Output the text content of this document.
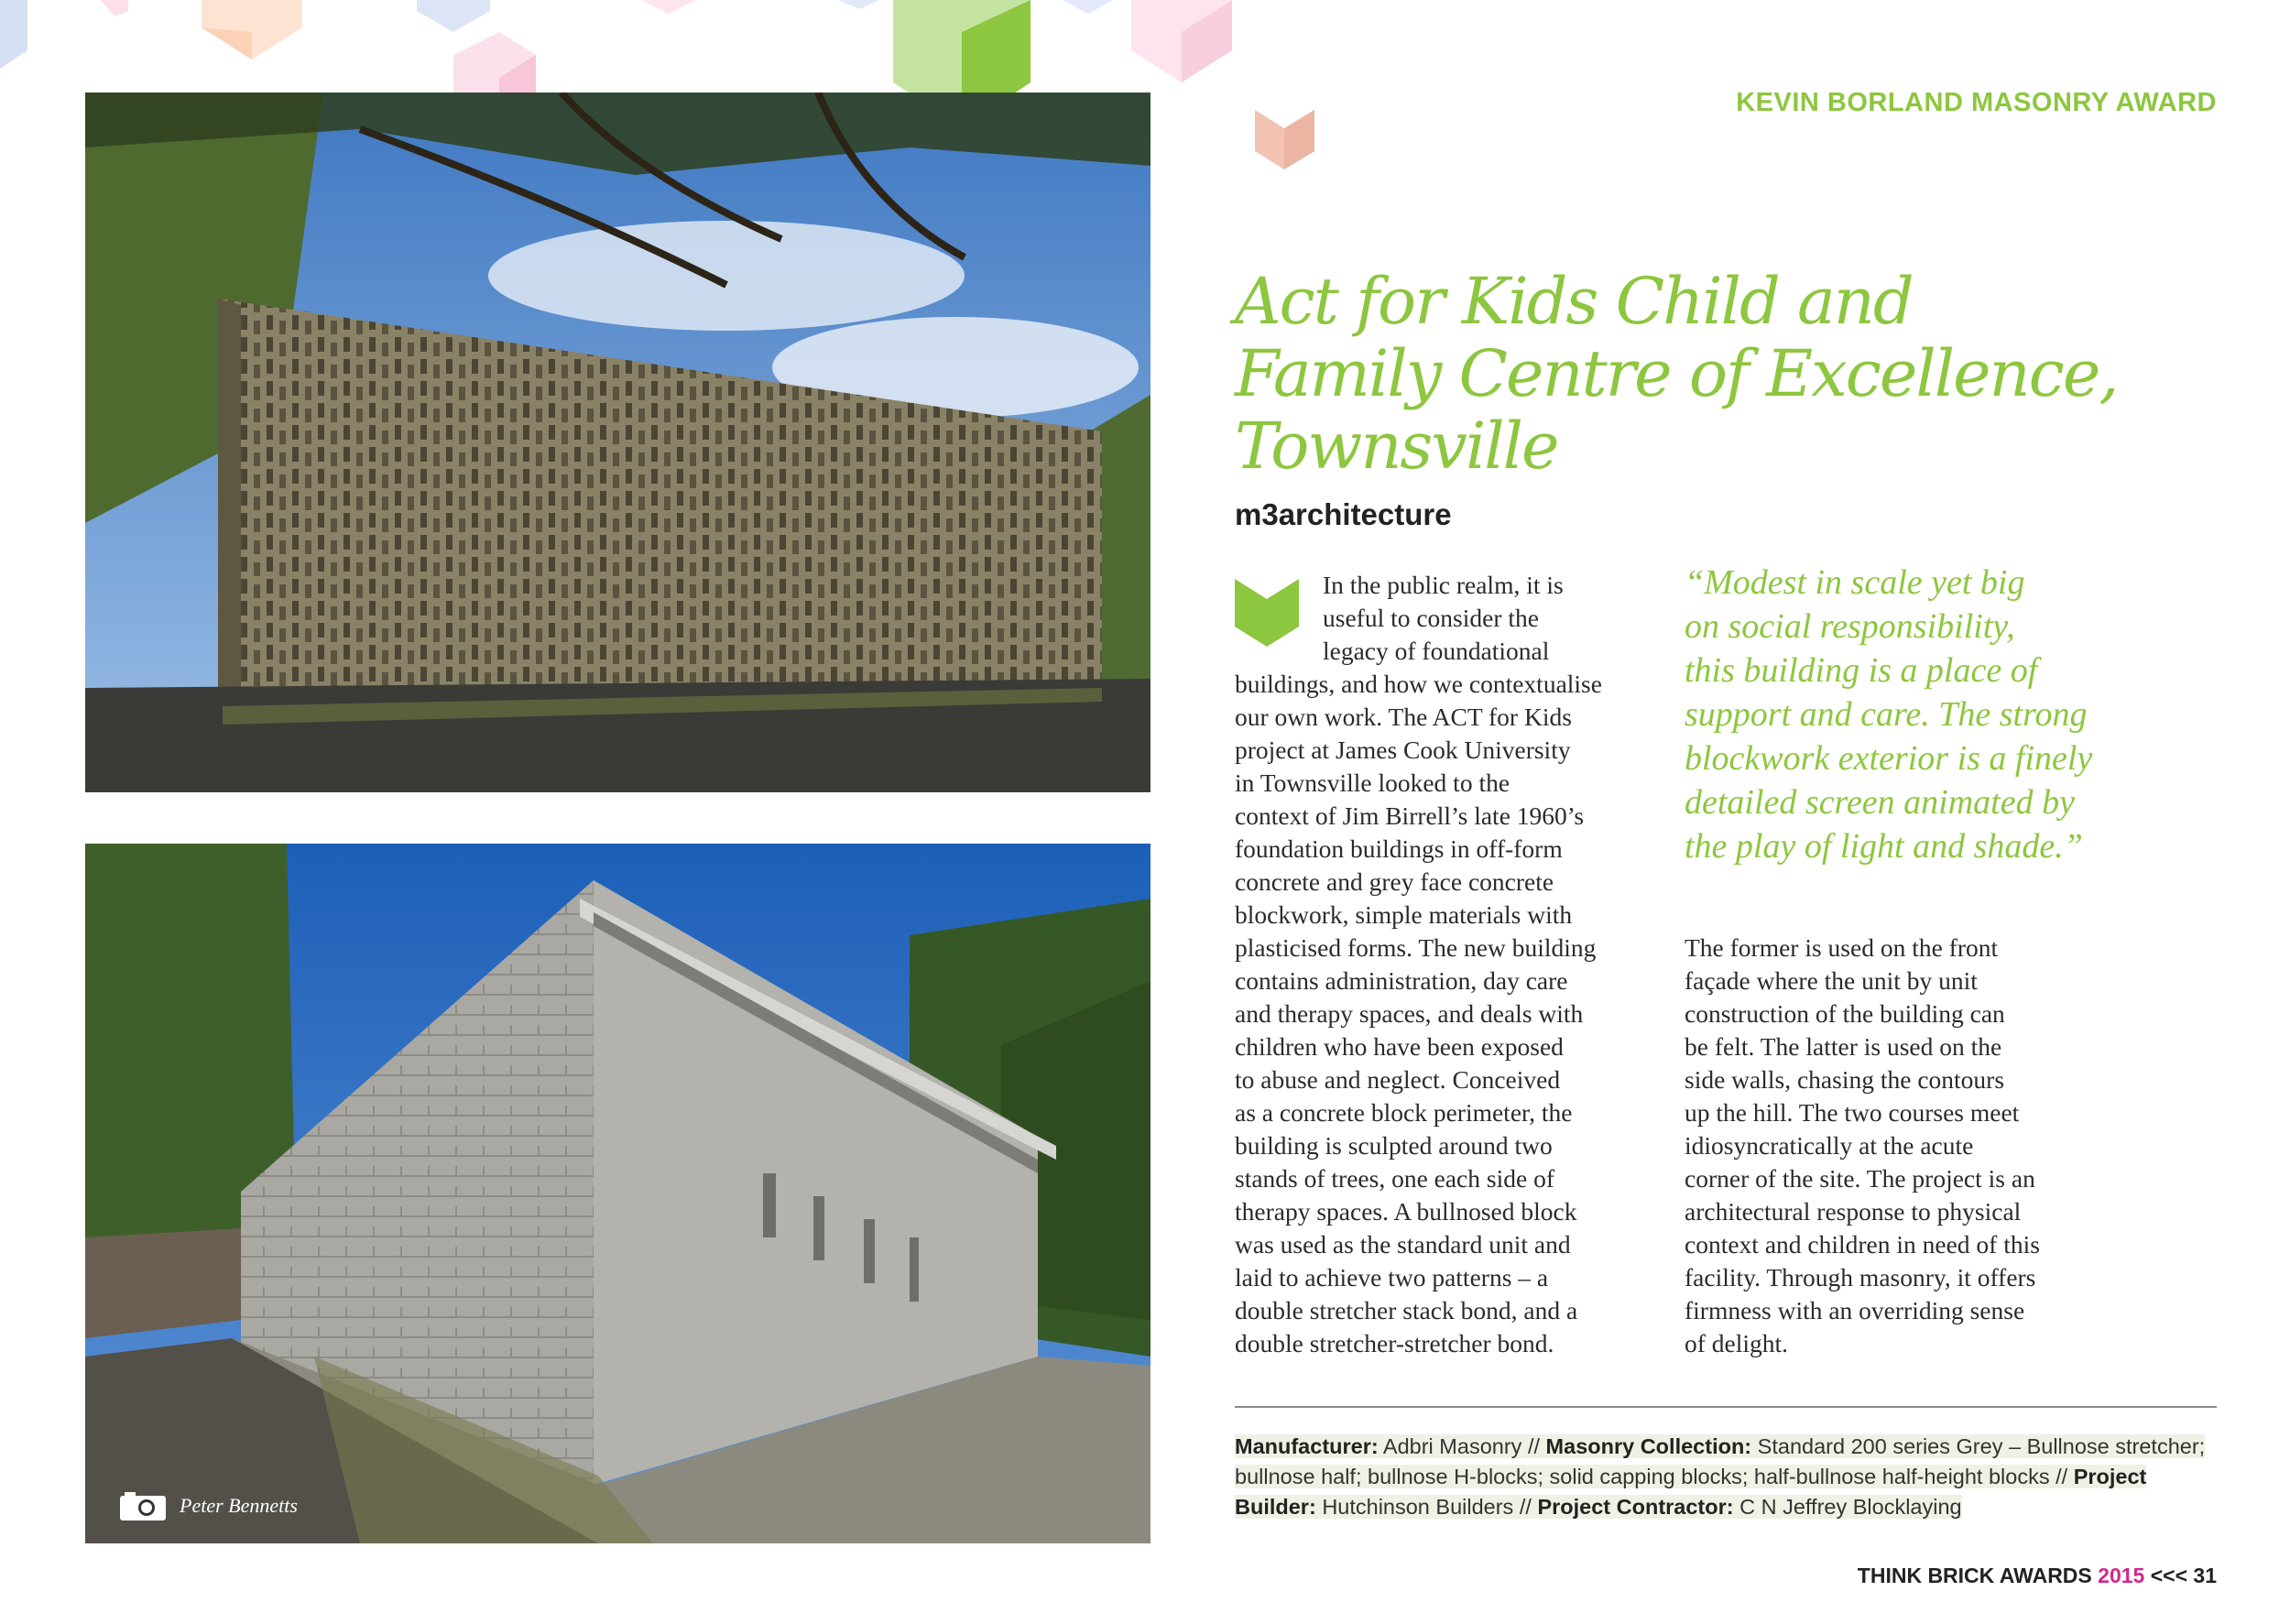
Peter Bennetts
KEVIN BORLAND MASONRY AWARD
Act for Kids Child and
Family Centre of Excellence,
Townsville
m3architecture
In the public realm, it is
useful to consider the
legacy of foundational
buildings, and how we contextualise
our own work. The ACT for Kids
project at James Cook University
in Townsville looked to the
context of Jim Birrell’s late 1960’s
foundation buildings in off-form
concrete and grey face concrete
blockwork, simple materials with
plasticised forms. The new building
contains administration, day care
and therapy spaces, and deals with
children who have been exposed
to abuse and neglect. Conceived
as a concrete block perimeter, the
building is sculpted around two
stands of trees, one each side of
therapy spaces. A bullnosed block
was used as the standard unit and
laid to achieve two patterns – a
double stretcher stack bond, and a
double stretcher-stretcher bond.
“Modest in scale yet big
on social responsibility,
this building is a place of
support and care. The strong
blockwork exterior is a finely
detailed screen animated by
the play of light and shade.”
The former is used on the front
façade where the unit by unit
construction of the building can
be felt. The latter is used on the
side walls, chasing the contours
up the hill. The two courses meet
idiosyncratically at the acute
corner of the site. The project is an
architectural response to physical
context and children in need of this
facility. Through masonry, it offers
firmness with an overriding sense
of delight.
Manufacturer: Adbri Masonry // Masonry Collection: Standard 200 series Grey – Bullnose stretcher; bullnose half; bullnose H-blocks; solid capping blocks; half-bullnose half-height blocks // Project Builder: Hutchinson Builders // Project Contractor: C N Jeffrey Blocklaying
THINK BRICK AWARDS 2015 <<< 31
